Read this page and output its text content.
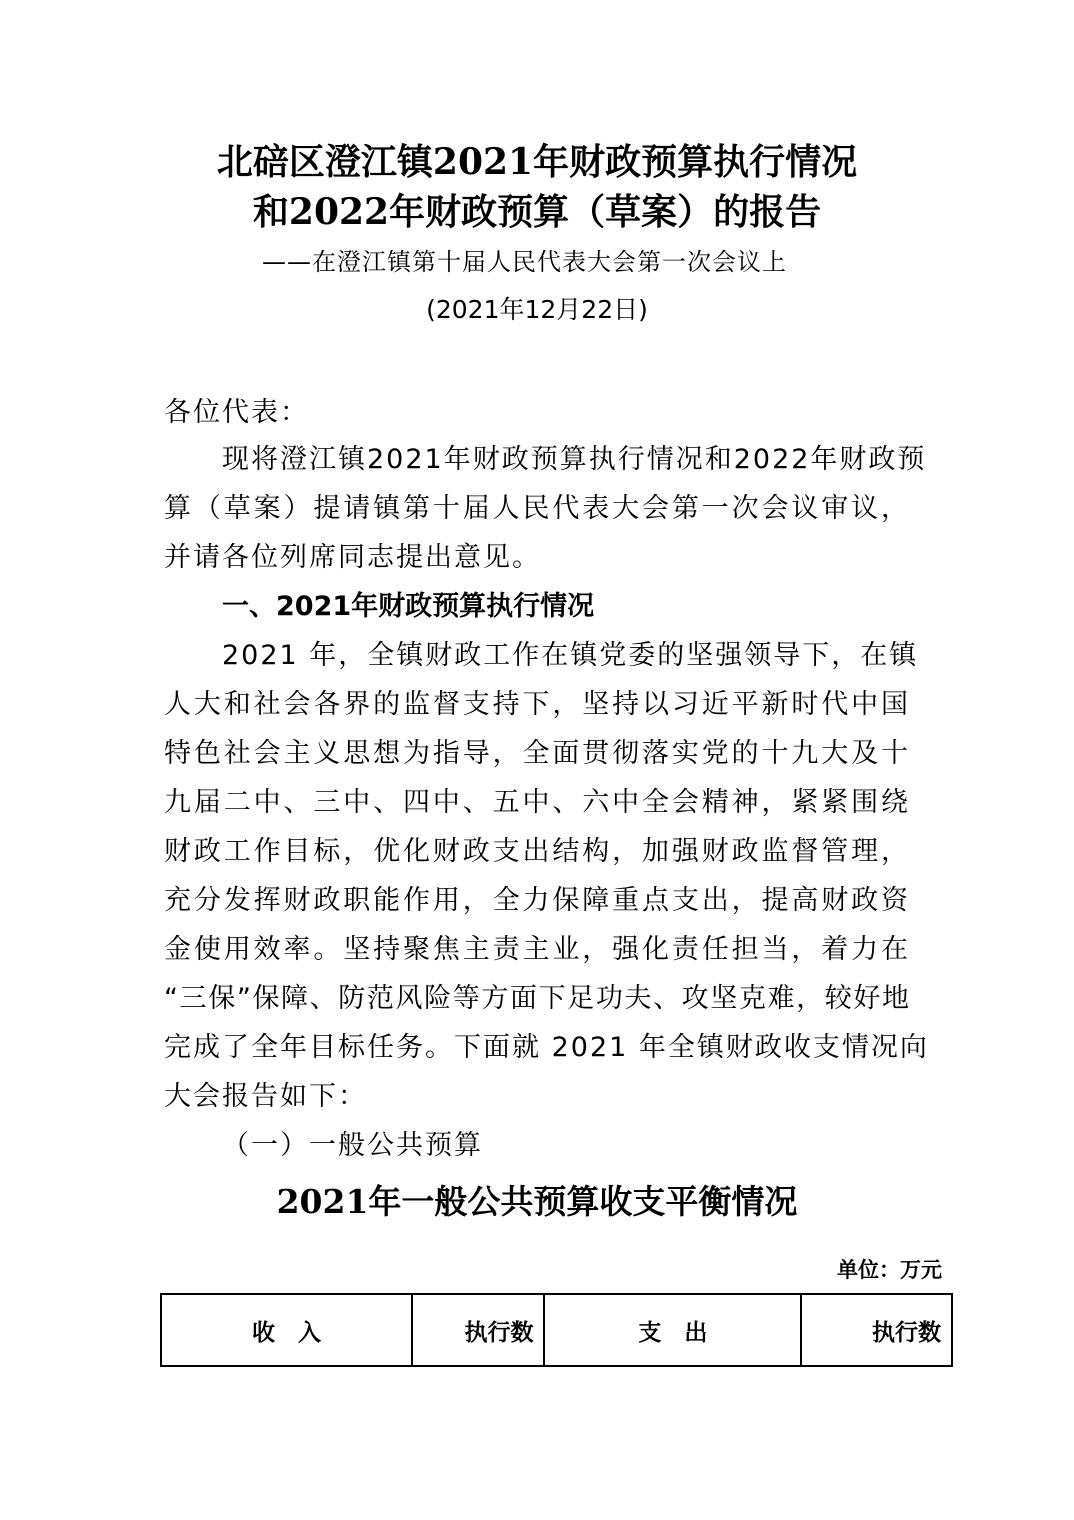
北碚区澄江镇2021年财政预算执行情况
和2022年财政预算（草案）的报告
——在澄江镇第十届人民代表大会第一次会议上
(2021年12月22日)
各位代表：
现将澄江镇2021年财政预算执行情况和2022年财政预
算（草案）提请镇第十届人民代表大会第一次会议审议，
并请各位列席同志提出意见。
一、2021年财政预算执行情况
2021 年，全镇财政工作在镇党委的坚强领导下，在镇
人大和社会各界的监督支持下，坚持以习近平新时代中国
特色社会主义思想为指导，全面贯彻落实党的十九大及十
九届二中、三中、四中、五中、六中全会精神，紧紧围绕
财政工作目标，优化财政支出结构，加强财政监督管理，
充分发挥财政职能作用，全力保障重点支出，提高财政资
金使用效率。坚持聚焦主责主业，强化责任担当，着力在
“三保”保障、防范风险等方面下足功夫、攻坚克难，较好地
完成了全年目标任务。下面就 2021 年全镇财政收支情况向
大会报告如下：
（一）一般公共预算
2021年一般公共预算收支平衡情况
单位：万元
收　入	执行数	支　出	执行数
